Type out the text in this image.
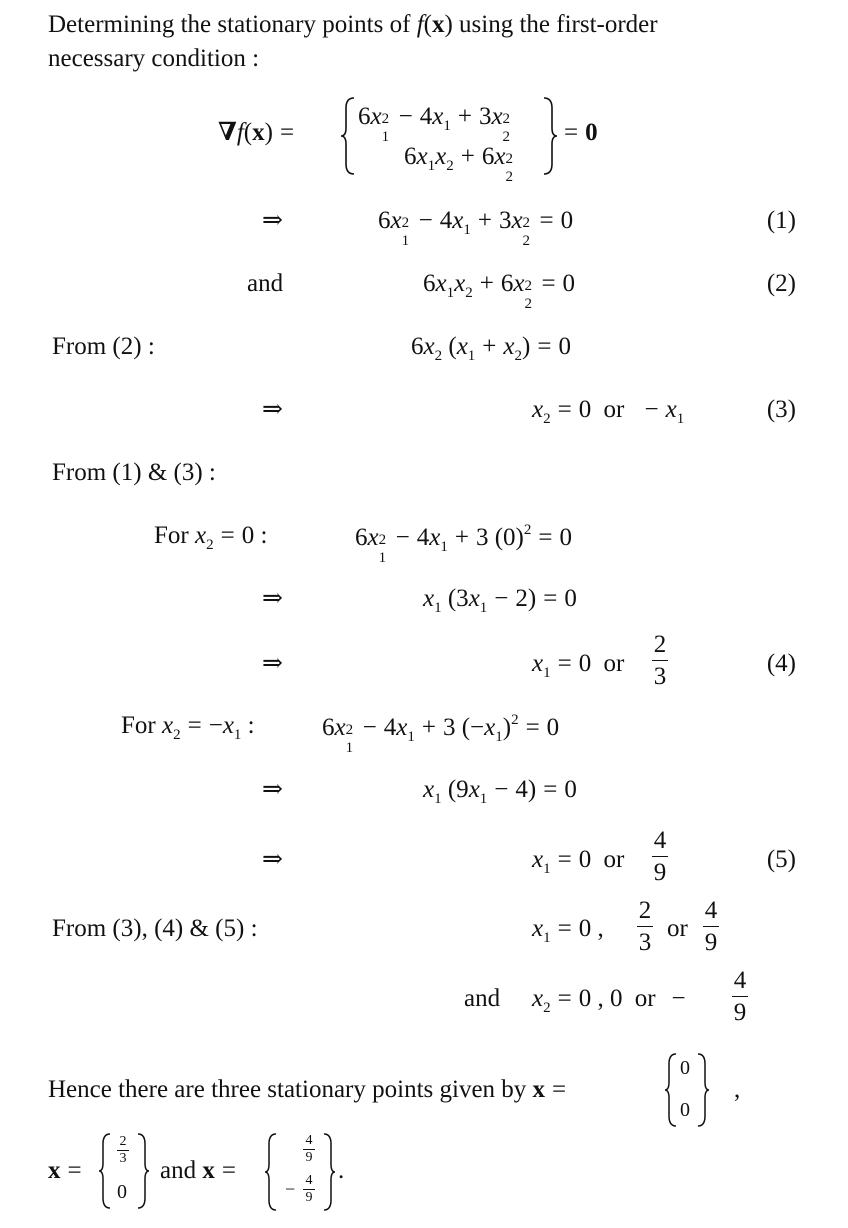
Determining the stationary points of f(x) using the first-order
necessary condition :
∇f(x) =
6x 2
1
− $4x_1 + 3x$ 2
2
$6x_1x_2 + 6x$ 2
2
= 0
⇒	6x 2
1
− $4x_1 + 3x$ 2
2
= 0	(1)
and	$6x_1x_2 + 6x$ 2
2
= 0	(2)
From (2) :	$6x_2$ $(x_1 + x_2) = 0$
⇒	$x_2 = 0$ or − $x_1$	(3)
From (1) & (3) :
For $x_2 = 0$ :	6x 2
1
− $4x_1 + 3$ $(0)^2 = 0$
⇒	$x_1$ $(3x_1 - 2) = 0$
⇒	$x_1 = 0$ or
2
3	(4)
For $x_2 = -x_1$ :	6x 2
1
− $4x_1 + 3$ $(-x_1)^2 = 0$
⇒	$x_1$ $(9x_1 - 4) = 0$
⇒	$x_1 = 0$ or
4
9	(5)
From (3), (4) & (5) :	$x_1 = 0$ ,
2
3
or
4
9
and $x_2 = 0$ , 0 or −
4
9
Hence there are three stationary points given by x =
0
0
,
x =
2
3
0
and x =
4
9
− 4
9
.
